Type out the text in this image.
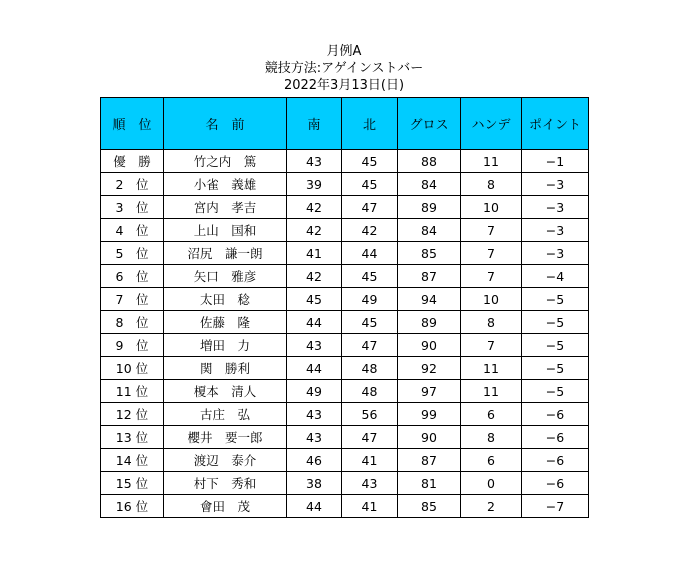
月例A
競技方法:アゲインストバー
2022年3月13日(日)
順　位	名　前	南	北	グロス	ハンデ	ポイント
優　勝	竹之内　篤	43	45	88	11	−1
2　位	小雀　義雄	39	45	84	8	−3
3　位	宮内　孝吉	42	47	89	10	−3
4　位	上山　国和	42	42	84	7	−3
5　位	沼尻　謙一朗	41	44	85	7	−3
6　位	矢口　雅彦	42	45	87	7	−4
7　位	太田　稔	45	49	94	10	−5
8　位	佐藤　隆	44	45	89	8	−5
9　位	増田　力	43	47	90	7	−5
10 位	関　勝利	44	48	92	11	−5
11 位	榎本　清人	49	48	97	11	−5
12 位	古庄　弘	43	56	99	6	−6
13 位	櫻井　要一郎	43	47	90	8	−6
14 位	渡辺　泰介	46	41	87	6	−6
15 位	村下　秀和	38	43	81	0	−6
16 位	會田　茂	44	41	85	2	−7
